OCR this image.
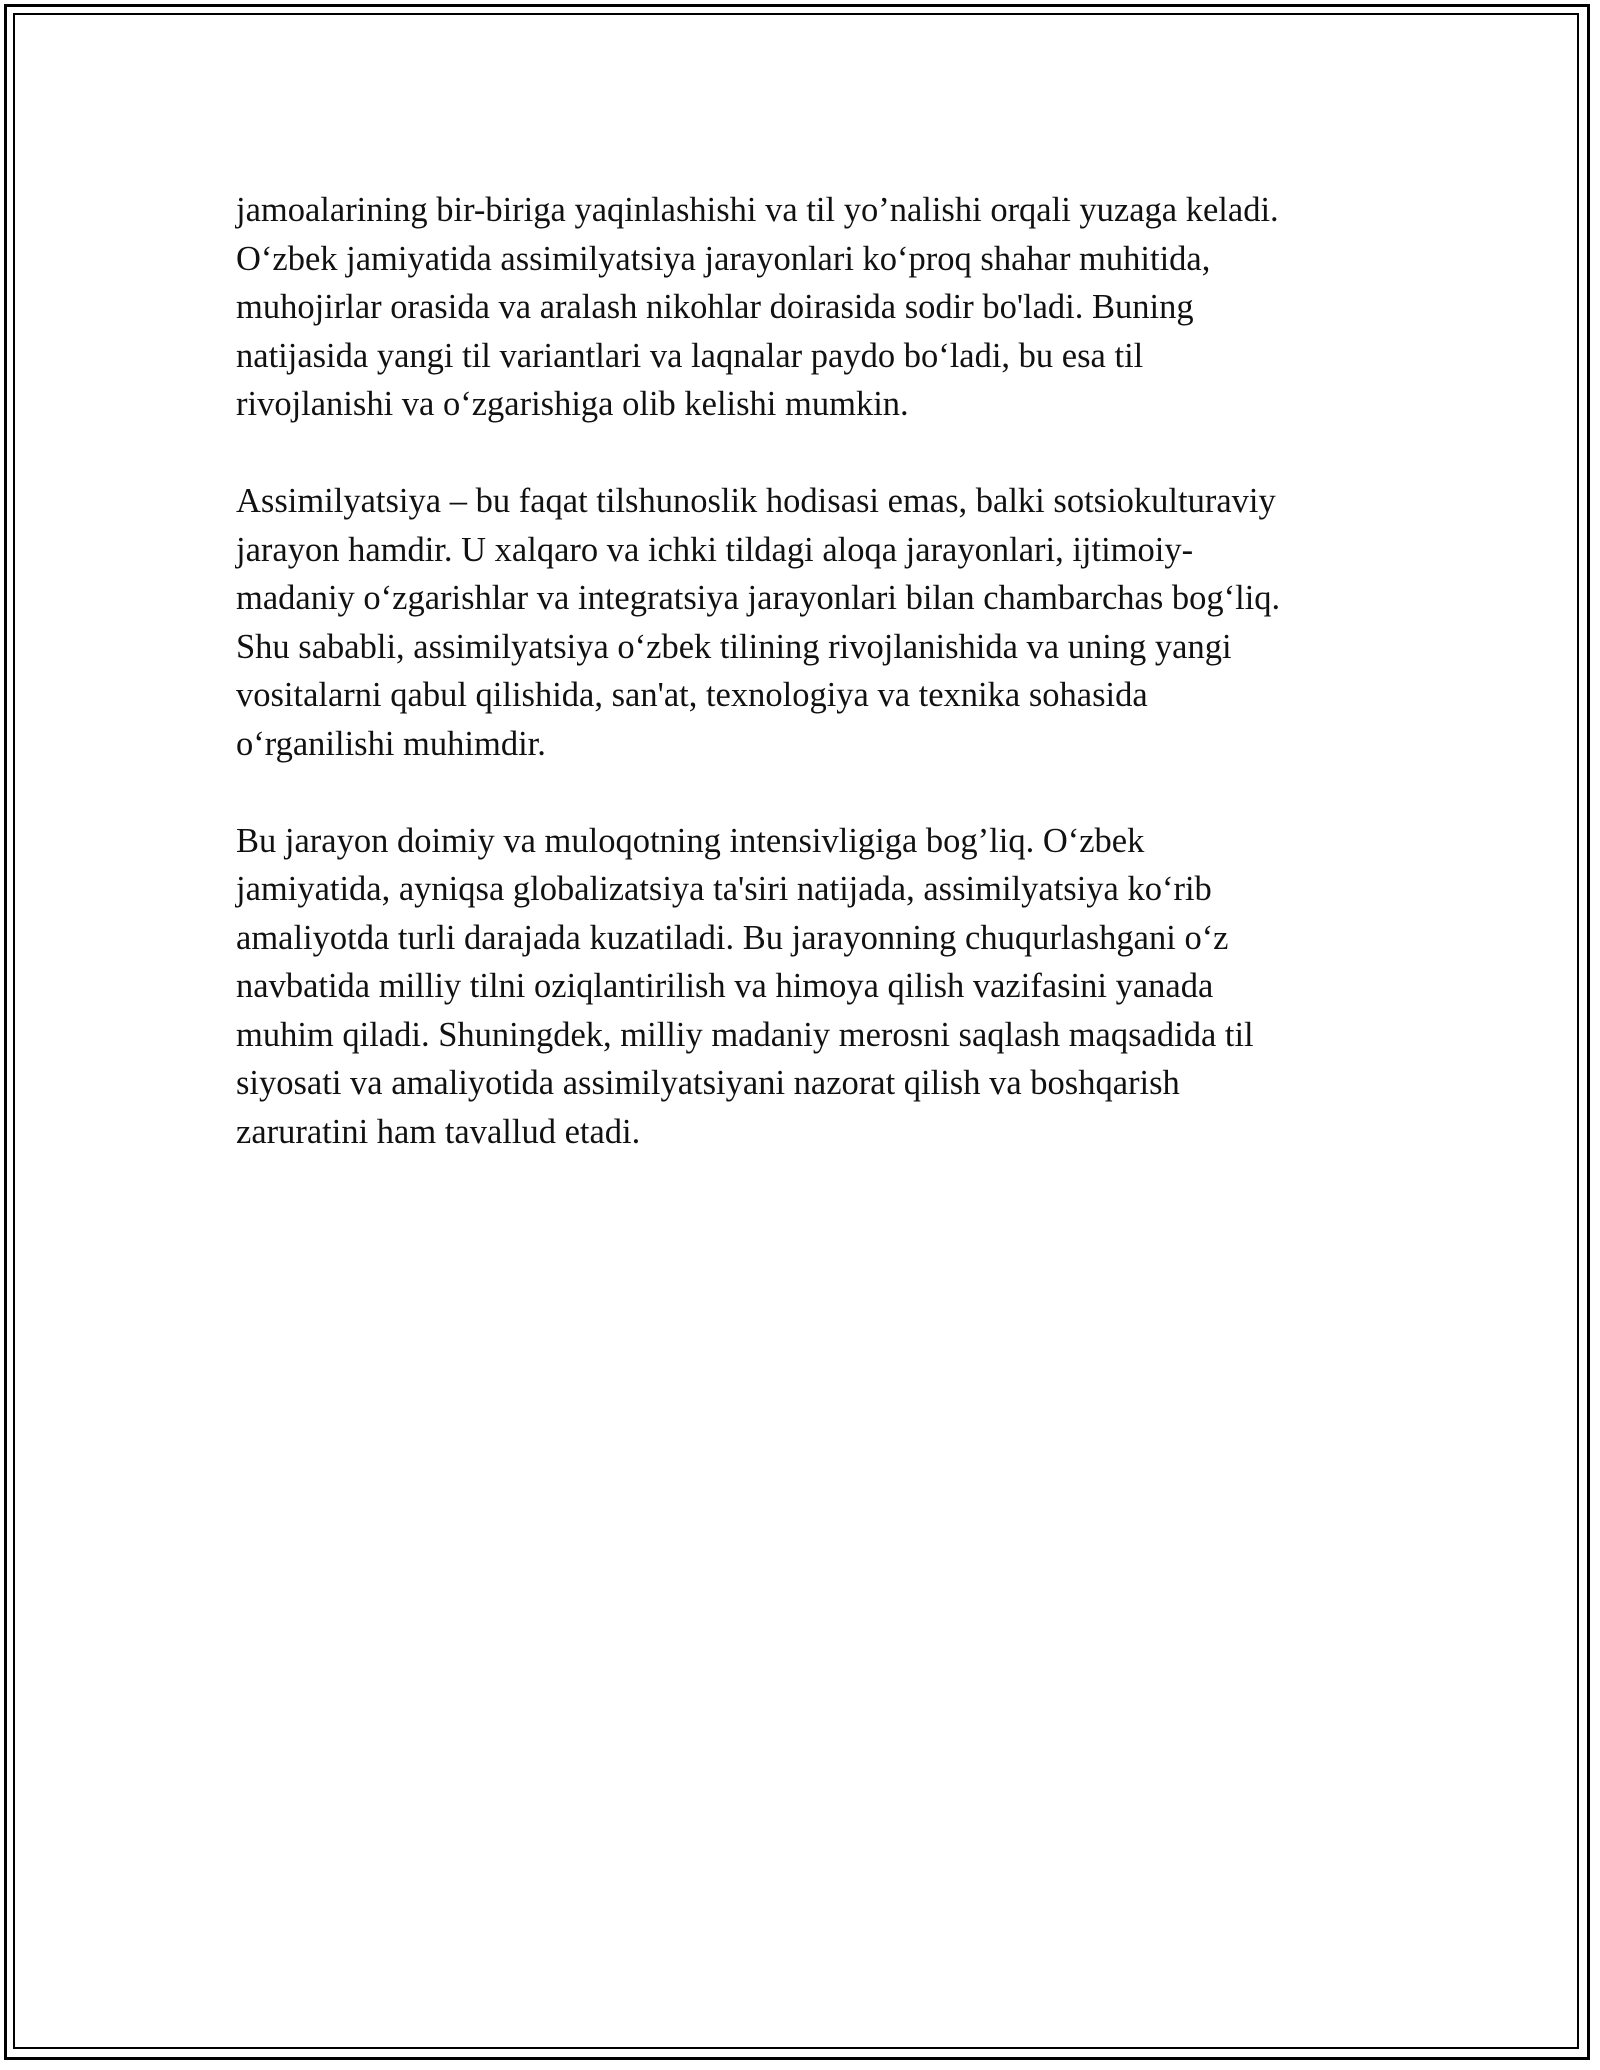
jamoalarining bir-biriga yaqinlashishi va til yo’nalishi orqali yuzaga keladi.
O‘zbek jamiyatida assimilyatsiya jarayonlari ko‘proq shahar muhitida,
muhojirlar orasida va aralash nikohlar doirasida sodir bo'ladi. Buning
natijasida yangi til variantlari va laqnalar paydo bo‘ladi, bu esa til
rivojlanishi va o‘zgarishiga olib kelishi mumkin.

Assimilyatsiya – bu faqat tilshunoslik hodisasi emas, balki sotsiokulturaviy
jarayon hamdir. U xalqaro va ichki tildagi aloqa jarayonlari, ijtimoiy-
madaniy o‘zgarishlar va integratsiya jarayonlari bilan chambarchas bog‘liq.
Shu sababli, assimilyatsiya o‘zbek tilining rivojlanishida va uning yangi
vositalarni qabul qilishida, san'at, texnologiya va texnika sohasida
o‘rganilishi muhimdir.

Bu jarayon doimiy va muloqotning intensivligiga bog’liq. O‘zbek
jamiyatida, ayniqsa globalizatsiya ta'siri natijada, assimilyatsiya ko‘rib
amaliyotda turli darajada kuzatiladi. Bu jarayonning chuqurlashgani o‘z
navbatida milliy tilni oziqlantirilish va himoya qilish vazifasini yanada
muhim qiladi. Shuningdek, milliy madaniy merosni saqlash maqsadida til
siyosati va amaliyotida assimilyatsiyani nazorat qilish va boshqarish
zaruratini ham tavallud etadi.
